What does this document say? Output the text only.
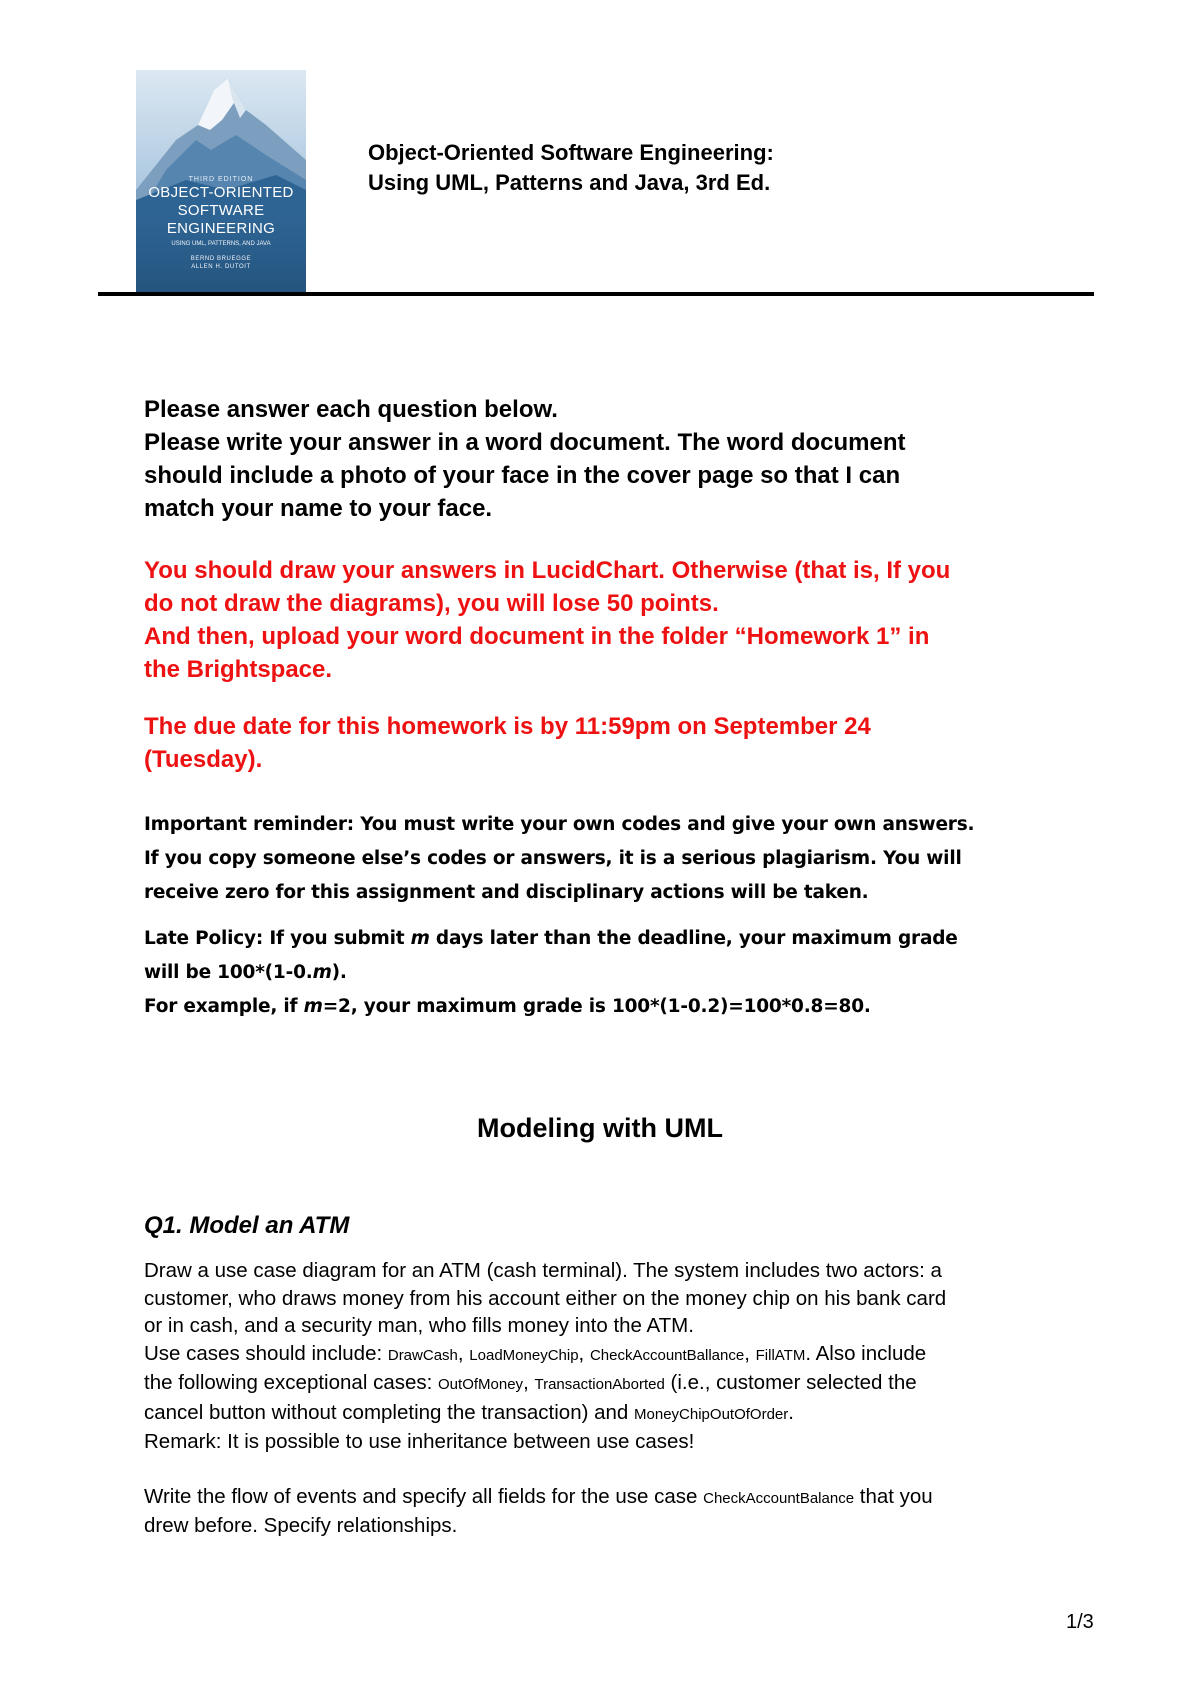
THIRD EDITION
OBJECT-ORIENTED
SOFTWARE
ENGINEERING
USING UML, PATTERNS, AND JAVA
BERND BRUEGGE
ALLEN H. DUTOIT
Object-Oriented Software Engineering:
Using UML, Patterns and Java, 3rd Ed.
Please answer each question below.
Please write your answer in a word document. The word document
should include a photo of your face in the cover page so that I can
match your name to your face.
You should draw your answers in LucidChart. Otherwise (that is, If you
do not draw the diagrams), you will lose 50 points.
And then, upload your word document in the folder “Homework 1” in
the Brightspace.
The due date for this homework is by 11:59pm on September 24
(Tuesday).
Important reminder: You must write your own codes and give your own answers.
If you copy someone else’s codes or answers, it is a serious plagiarism. You will
receive zero for this assignment and disciplinary actions will be taken.
Late Policy: If you submit m days later than the deadline, your maximum grade
will be 100*(1-0.m).
For example, if m=2, your maximum grade is 100*(1-0.2)=100*0.8=80.
Modeling with UML
Q1. Model an ATM
Draw a use case diagram for an ATM (cash terminal). The system includes two actors: a
customer, who draws money from his account either on the money chip on his bank card
or in cash, and a security man, who fills money into the ATM.
Use cases should include: DrawCash, LoadMoneyChip, CheckAccountBallance, FillATM. Also include
the following exceptional cases: OutOfMoney, TransactionAborted (i.e., customer selected the
cancel button without completing the transaction) and MoneyChipOutOfOrder.
Remark: It is possible to use inheritance between use cases!
Write the flow of events and specify all fields for the use case CheckAccountBalance that you
drew before. Specify relationships.
1/3
